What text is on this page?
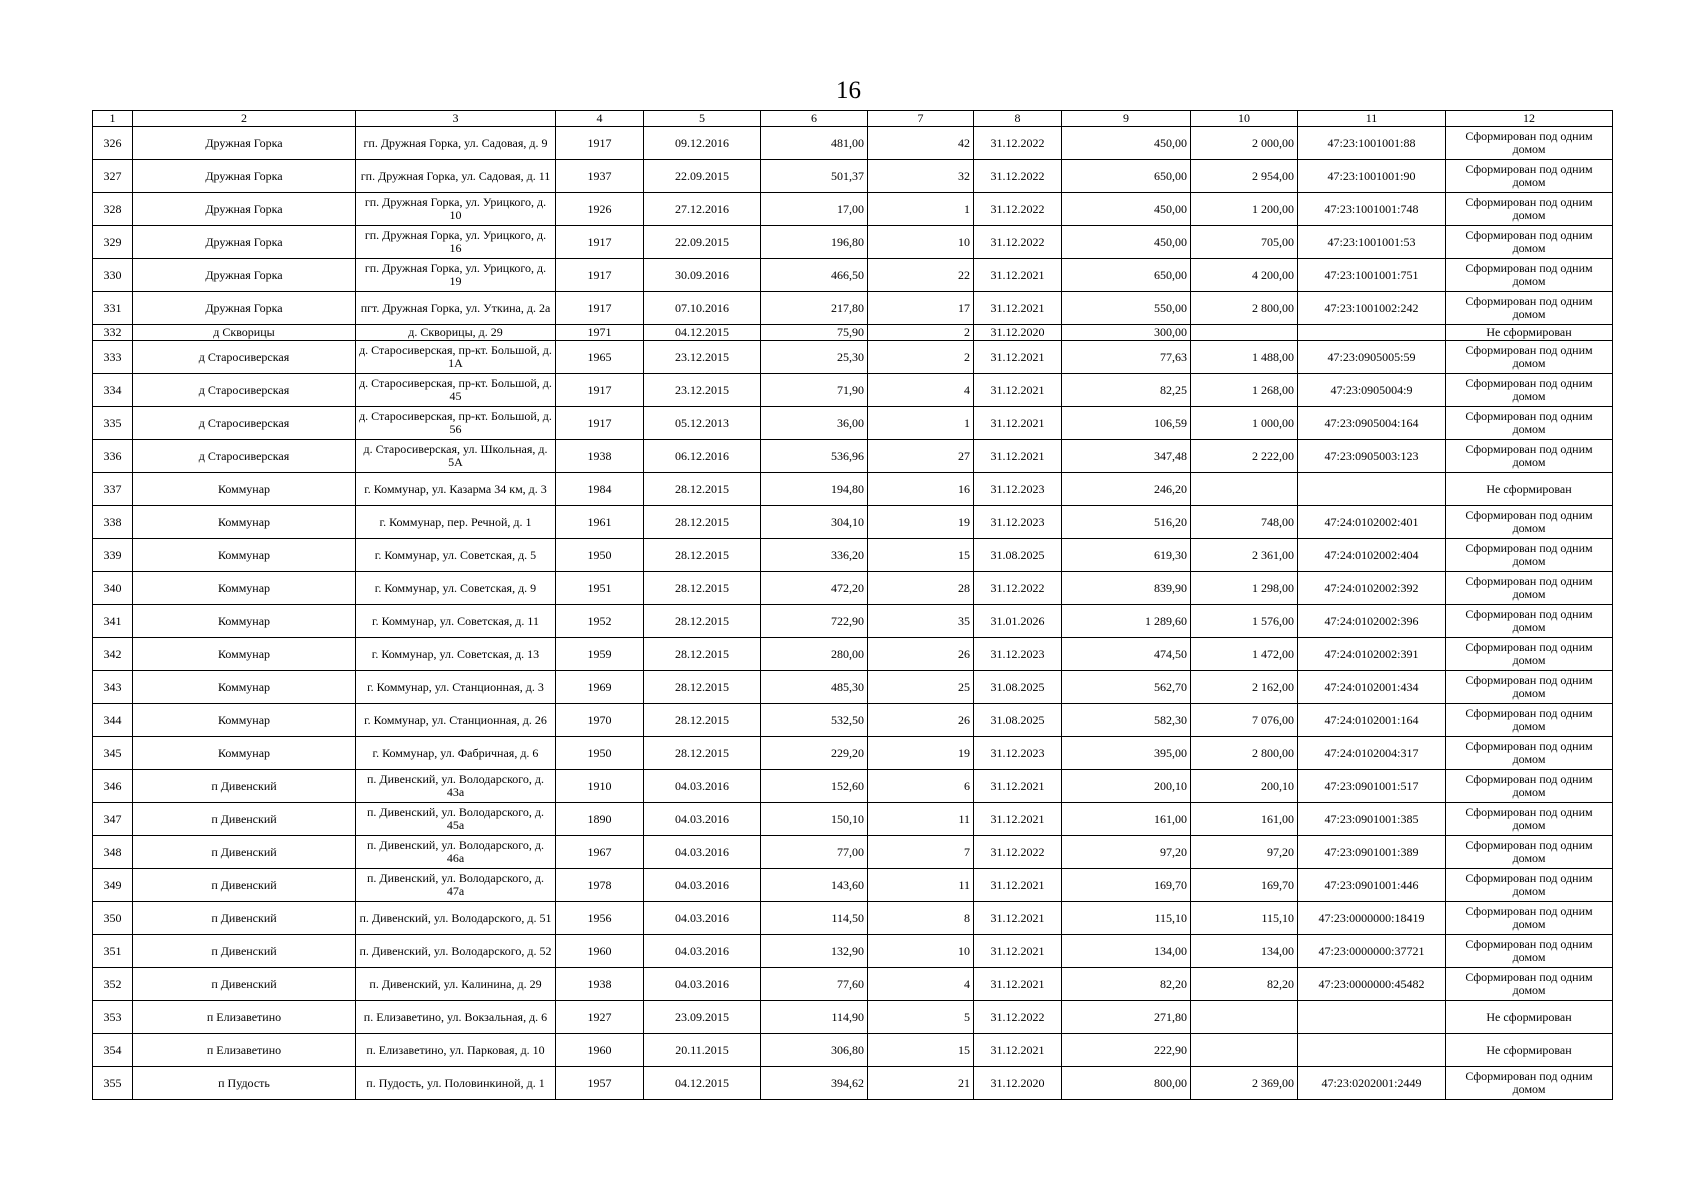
16
1	2	3	4	5	6	7	8	9	10	11	12
326	Дружная Горка	гп. Дружная Горка, ул. Садовая, д. 9	1917	09.12.2016	481,00	42	31.12.2022	450,00	2 000,00	47:23:1001001:88	Сформирован под одним домом
327	Дружная Горка	гп. Дружная Горка, ул. Садовая, д. 11	1937	22.09.2015	501,37	32	31.12.2022	650,00	2 954,00	47:23:1001001:90	Сформирован под одним домом
328	Дружная Горка	гп. Дружная Горка, ул. Урицкого, д. 10	1926	27.12.2016	17,00	1	31.12.2022	450,00	1 200,00	47:23:1001001:748	Сформирован под одним домом
329	Дружная Горка	гп. Дружная Горка, ул. Урицкого, д. 16	1917	22.09.2015	196,80	10	31.12.2022	450,00	705,00	47:23:1001001:53	Сформирован под одним домом
330	Дружная Горка	гп. Дружная Горка, ул. Урицкого, д. 19	1917	30.09.2016	466,50	22	31.12.2021	650,00	4 200,00	47:23:1001001:751	Сформирован под одним домом
331	Дружная Горка	пгт. Дружная Горка, ул. Уткина, д. 2а	1917	07.10.2016	217,80	17	31.12.2021	550,00	2 800,00	47:23:1001002:242	Сформирован под одним домом
332	д Скворицы	д. Скворицы, д. 29	1971	04.12.2015	75,90	2	31.12.2020	300,00			Не сформирован
333	д Старосиверская	д. Старосиверская, пр-кт. Большой, д. 1А	1965	23.12.2015	25,30	2	31.12.2021	77,63	1 488,00	47:23:0905005:59	Сформирован под одним домом
334	д Старосиверская	д. Старосиверская, пр-кт. Большой, д. 45	1917	23.12.2015	71,90	4	31.12.2021	82,25	1 268,00	47:23:0905004:9	Сформирован под одним домом
335	д Старосиверская	д. Старосиверская, пр-кт. Большой, д. 56	1917	05.12.2013	36,00	1	31.12.2021	106,59	1 000,00	47:23:0905004:164	Сформирован под одним домом
336	д Старосиверская	д. Старосиверская, ул. Школьная, д. 5А	1938	06.12.2016	536,96	27	31.12.2021	347,48	2 222,00	47:23:0905003:123	Сформирован под одним домом
337	Коммунар	г. Коммунар, ул. Казарма 34 км, д. 3	1984	28.12.2015	194,80	16	31.12.2023	246,20			Не сформирован
338	Коммунар	г. Коммунар, пер. Речной, д. 1	1961	28.12.2015	304,10	19	31.12.2023	516,20	748,00	47:24:0102002:401	Сформирован под одним домом
339	Коммунар	г. Коммунар, ул. Советская, д. 5	1950	28.12.2015	336,20	15	31.08.2025	619,30	2 361,00	47:24:0102002:404	Сформирован под одним домом
340	Коммунар	г. Коммунар, ул. Советская, д. 9	1951	28.12.2015	472,20	28	31.12.2022	839,90	1 298,00	47:24:0102002:392	Сформирован под одним домом
341	Коммунар	г. Коммунар, ул. Советская, д. 11	1952	28.12.2015	722,90	35	31.01.2026	1 289,60	1 576,00	47:24:0102002:396	Сформирован под одним домом
342	Коммунар	г. Коммунар, ул. Советская, д. 13	1959	28.12.2015	280,00	26	31.12.2023	474,50	1 472,00	47:24:0102002:391	Сформирован под одним домом
343	Коммунар	г. Коммунар, ул. Станционная, д. 3	1969	28.12.2015	485,30	25	31.08.2025	562,70	2 162,00	47:24:0102001:434	Сформирован под одним домом
344	Коммунар	г. Коммунар, ул. Станционная, д. 26	1970	28.12.2015	532,50	26	31.08.2025	582,30	7 076,00	47:24:0102001:164	Сформирован под одним домом
345	Коммунар	г. Коммунар, ул. Фабричная, д. 6	1950	28.12.2015	229,20	19	31.12.2023	395,00	2 800,00	47:24:0102004:317	Сформирован под одним домом
346	п Дивенский	п. Дивенский, ул. Володарского, д. 43а	1910	04.03.2016	152,60	6	31.12.2021	200,10	200,10	47:23:0901001:517	Сформирован под одним домом
347	п Дивенский	п. Дивенский, ул. Володарского, д. 45а	1890	04.03.2016	150,10	11	31.12.2021	161,00	161,00	47:23:0901001:385	Сформирован под одним домом
348	п Дивенский	п. Дивенский, ул. Володарского, д. 46а	1967	04.03.2016	77,00	7	31.12.2022	97,20	97,20	47:23:0901001:389	Сформирован под одним домом
349	п Дивенский	п. Дивенский, ул. Володарского, д. 47а	1978	04.03.2016	143,60	11	31.12.2021	169,70	169,70	47:23:0901001:446	Сформирован под одним домом
350	п Дивенский	п. Дивенский, ул. Володарского, д. 51	1956	04.03.2016	114,50	8	31.12.2021	115,10	115,10	47:23:0000000:18419	Сформирован под одним домом
351	п Дивенский	п. Дивенский, ул. Володарского, д. 52	1960	04.03.2016	132,90	10	31.12.2021	134,00	134,00	47:23:0000000:37721	Сформирован под одним домом
352	п Дивенский	п. Дивенский, ул. Калинина, д. 29	1938	04.03.2016	77,60	4	31.12.2021	82,20	82,20	47:23:0000000:45482	Сформирован под одним домом
353	п Елизаветино	п. Елизаветино, ул. Вокзальная, д. 6	1927	23.09.2015	114,90	5	31.12.2022	271,80			Не сформирован
354	п Елизаветино	п. Елизаветино, ул. Парковая, д. 10	1960	20.11.2015	306,80	15	31.12.2021	222,90			Не сформирован
355	п Пудость	п. Пудость, ул. Половинкиной, д. 1	1957	04.12.2015	394,62	21	31.12.2020	800,00	2 369,00	47:23:0202001:2449	Сформирован под одним домом
